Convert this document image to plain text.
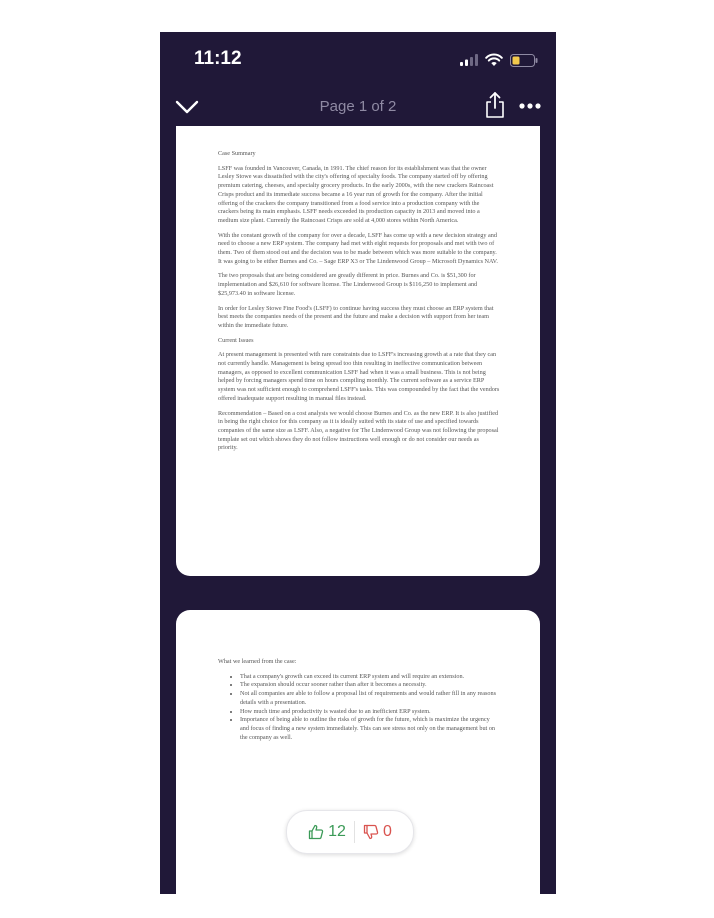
11:12
Page 1 of 2

Case Summary

LSFF was founded in Vancouver, Canada, in 1991. The chief reason for its establishment was that the owner Lesley Stowe was dissatisfied with the city's offering of specialty foods. The company started off by offering premium catering, cheeses, and specialty grocery products. In the early 2000s, with the new crackers Raincoast Crisps product and its immediate success became a 16 year run of growth for the company. After the initial offering of the crackers the company transitioned from a food service into a production company with the crackers being its main emphasis. LSFF needs exceeded its production capacity in 2013 and moved into a medium size plant. Currently the Raincoast Crisps are sold at 4,000 stores within North America.

With the constant growth of the company for over a decade, LSFF has come up with a new decision strategy and need to choose a new ERP system. The company had met with eight requests for proposals and met with two of them. Two of them stood out and the decision was to be made between which was more suitable to the company. It was going to be either Burnes and Co. – Sage ERP X3 or The Lindenwood Group – Microsoft Dynamics NAV.

The two proposals that are being considered are greatly different in price. Burnes and Co. is $51,300 for implementation and $26,610 for software license. The Lindenwood Group is $116,250 to implement and $25,973.40 in software license.

In order for Lesley Stowe Fine Food's (LSFF) to continue having success they must choose an ERP system that best meets the companies needs of the present and the future and make a decision with support from her team within the immediate future.

Current Issues

At present management is presented with rare constraints due to LSFF's increasing growth at a rate that they can not currently handle. Management is being spread too thin resulting in ineffective communication between managers, as opposed to excellent communication LSFF had when it was a small business. This is not being helped by forcing managers spend time on hours compiling monthly. The current software as a service ERP system was not sufficient enough to comprehend LSFF's tasks. This was compounded by the fact that the vendors offered inadequate support resulting in manual files instead.

Recommendation – Based on a cost analysis we would choose Burnes and Co. as the new ERP. It is also justified in being the right choice for this company as it is ideally suited with its state of use and specified towards companies of the same size as LSFF. Also, a negative for The Lindenwood Group was not following the proposal template set out which shows they do not follow instructions well enough or do not consider our needs as priority.

What we learned from the case:

• That a company's growth can exceed its current ERP system and will require an extension.
• The expansion should occur sooner rather than after it becomes a necessity.
• Not all companies are able to follow a proposal list of requirements and would rather fill in any reasons details with a presentation.
• How much time and productivity is wasted due to an inefficient ERP system.
• Importance of being able to outline the risks of growth for the future, which is maximize the urgency and focus of finding a new system immediately. This can see stress not only on the management but on the company as well.
12 0
